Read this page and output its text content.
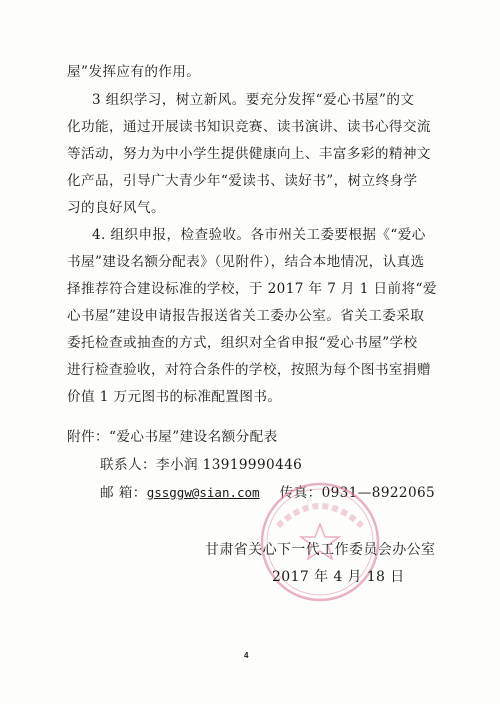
屋”发挥应有的作用。
3 组织学习，树立新风。要充分发挥“爱心书屋”的文
化功能，通过开展读书知识竞赛、读书演讲、读书心得交流
等活动，努力为中小学生提供健康向上、丰富多彩的精神文
化产品，引导广大青少年“爱读书、读好书”，树立终身学
习的良好风气。
4. 组织申报，检查验收。各市州关工委要根据《“爱心
书屋”建设名额分配表》（见附件），结合本地情况，认真选
择推荐符合建设标准的学校，于 2017 年 7 月 1 日前将“爱
心书屋”建设申请报告报送省关工委办公室。省关工委采取
委托检查或抽查的方式，组织对全省申报“爱心书屋”学校
进行检查验收，对符合条件的学校，按照为每个图书室捐赠
价值 1 万元图书的标准配置图书。
附件：“爱心书屋”建设名额分配表
联系人：李小润 13919990446
邮 箱：gssggw@sian.com 传真：0931—8922065
甘肃省关心下一代工作委员会办公室
2017 年 4 月 18 日
4
